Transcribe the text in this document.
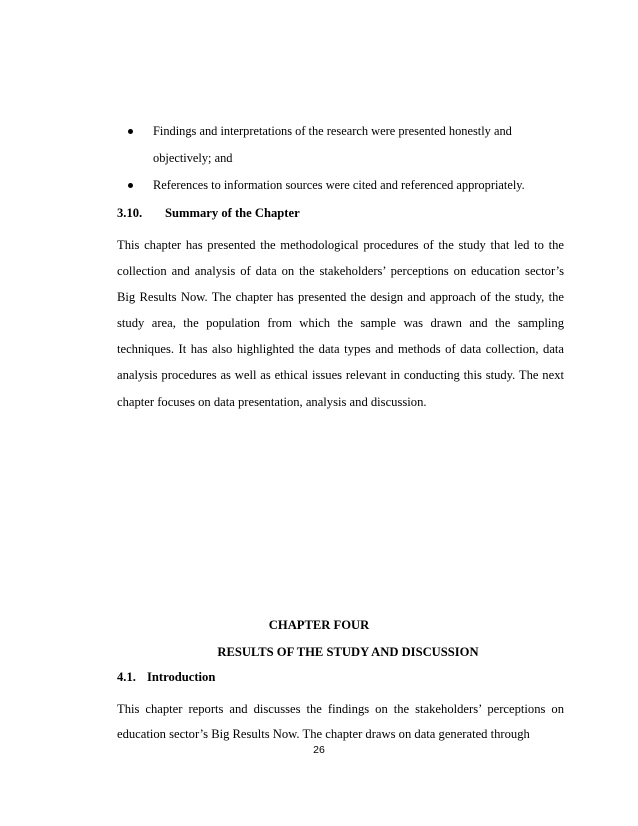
Findings and interpretations of the research were presented honestly and objectively; and
References to information sources were cited and referenced appropriately.
3.10. Summary of the Chapter

This chapter has presented the methodological procedures of the study that led to the collection and analysis of data on the stakeholders’ perceptions on education sector’s Big Results Now. The chapter has presented the design and approach of the study, the study area, the population from which the sample was drawn and the sampling techniques. It has also highlighted the data types and methods of data collection, data analysis procedures as well as ethical issues relevant in conducting this study. The next chapter focuses on data presentation, analysis and discussion.

CHAPTER FOUR
RESULTS OF THE STUDY AND DISCUSSION
4.1. Introduction

This chapter reports and discusses the findings on the stakeholders’ perceptions on education sector’s Big Results Now. The chapter draws on data generated through

26
